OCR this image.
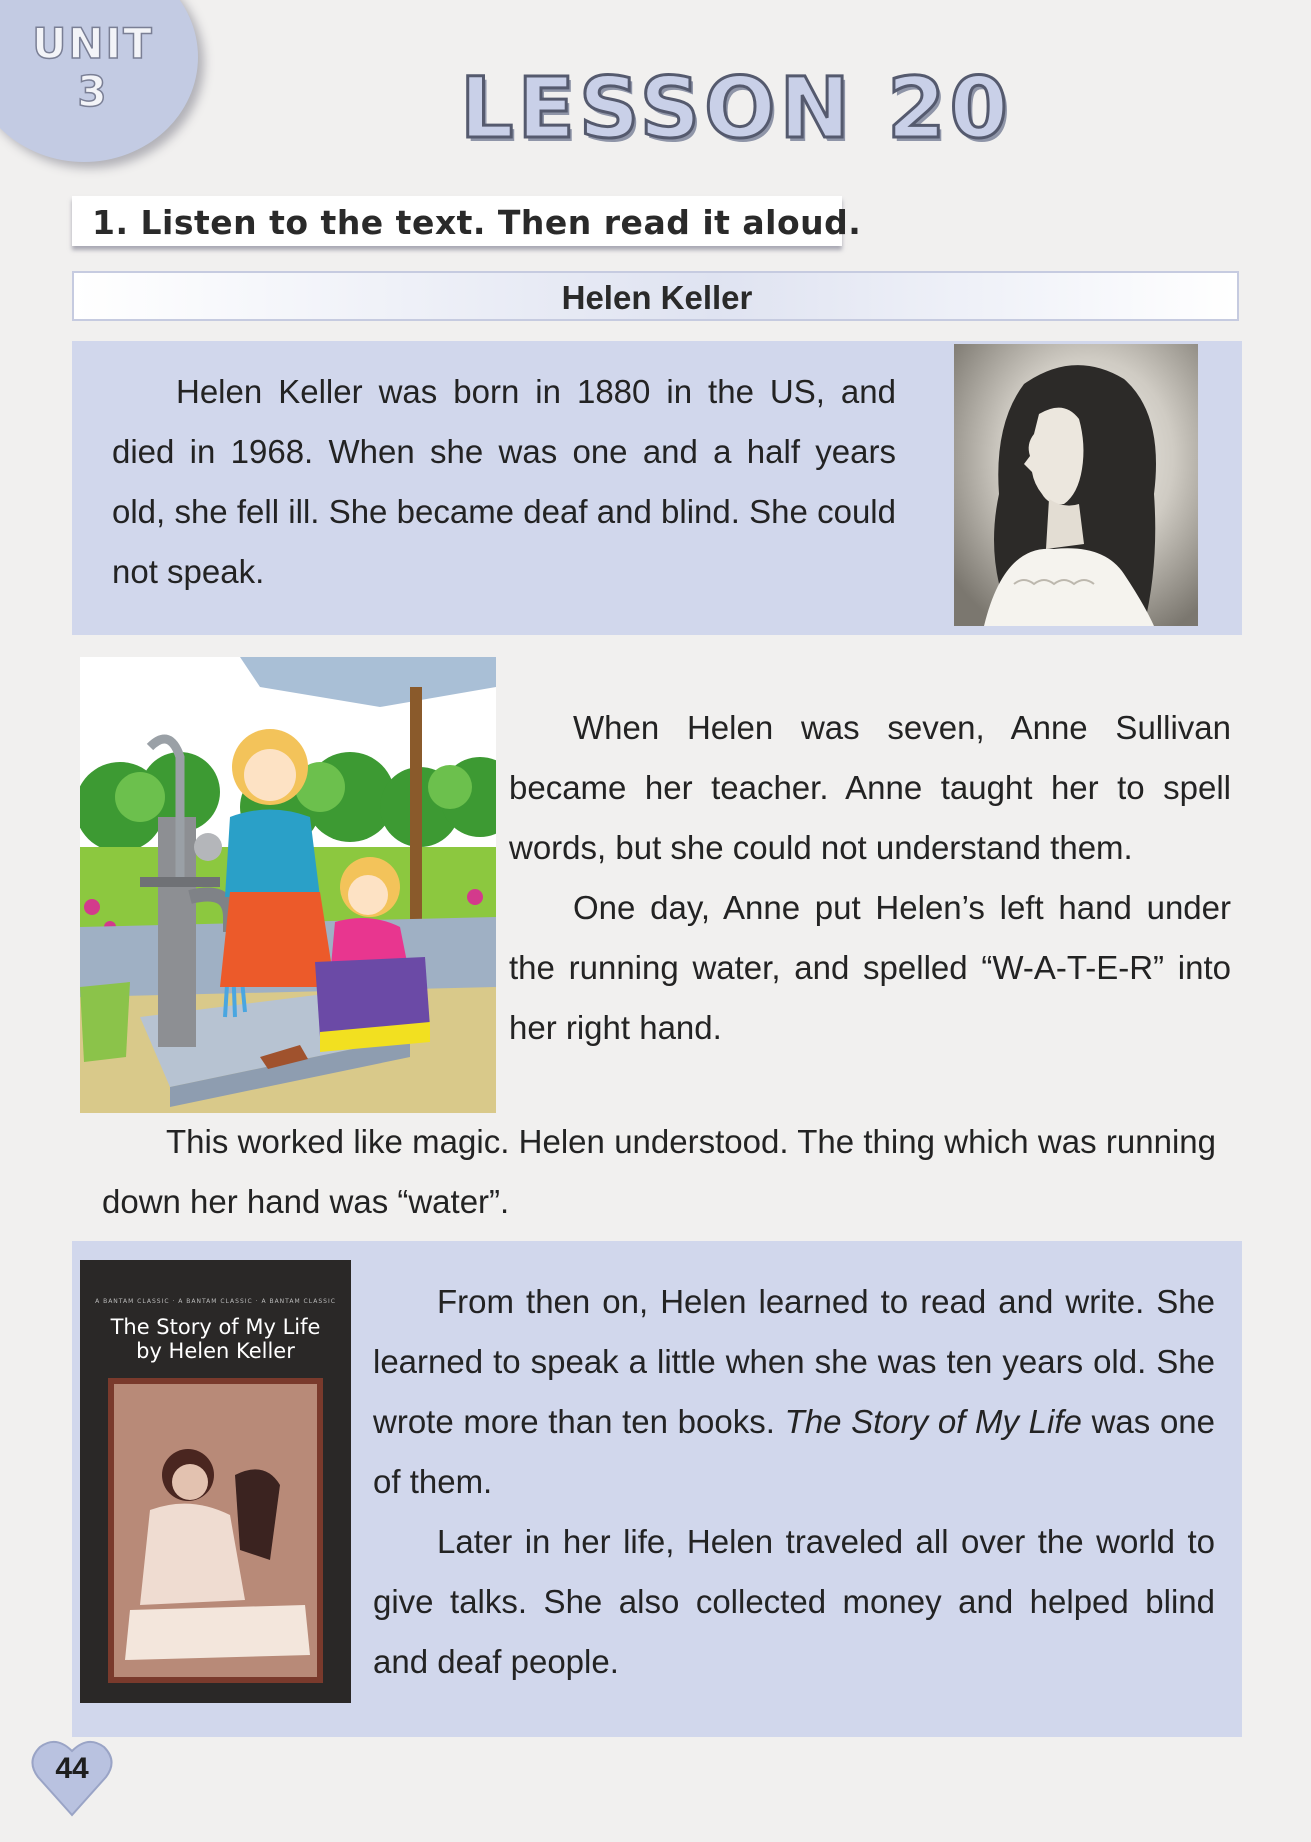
UNIT
3	LESSON 20
1. Listen to the text. Then read it aloud.
Helen Keller

Helen Keller was born in 1880 in the US, and died in 1968. When she was one and a half years old, she fell ill. She became deaf and blind. She could not speak.

When Helen was seven, Anne Sullivan became her teacher. Anne taught her to spell words, but she could not understand them.

One day, Anne put Helen’s left hand under the running water, and spelled “W-A-T-E-R” into her right hand.

This worked like magic. Helen understood. The thing which was running down her hand was “water”.

A BANTAM CLASSIC · A BANTAM CLASSIC · A BANTAM CLASSIC
The Story of My Life
by Helen Keller

From then on, Helen learned to read and write. She learned to speak a little when she was ten years old. She wrote more than ten books. The Story of My Life was one of them.

Later in her life, Helen traveled all over the world to give talks. She also collected money and helped blind and deaf people.

44
